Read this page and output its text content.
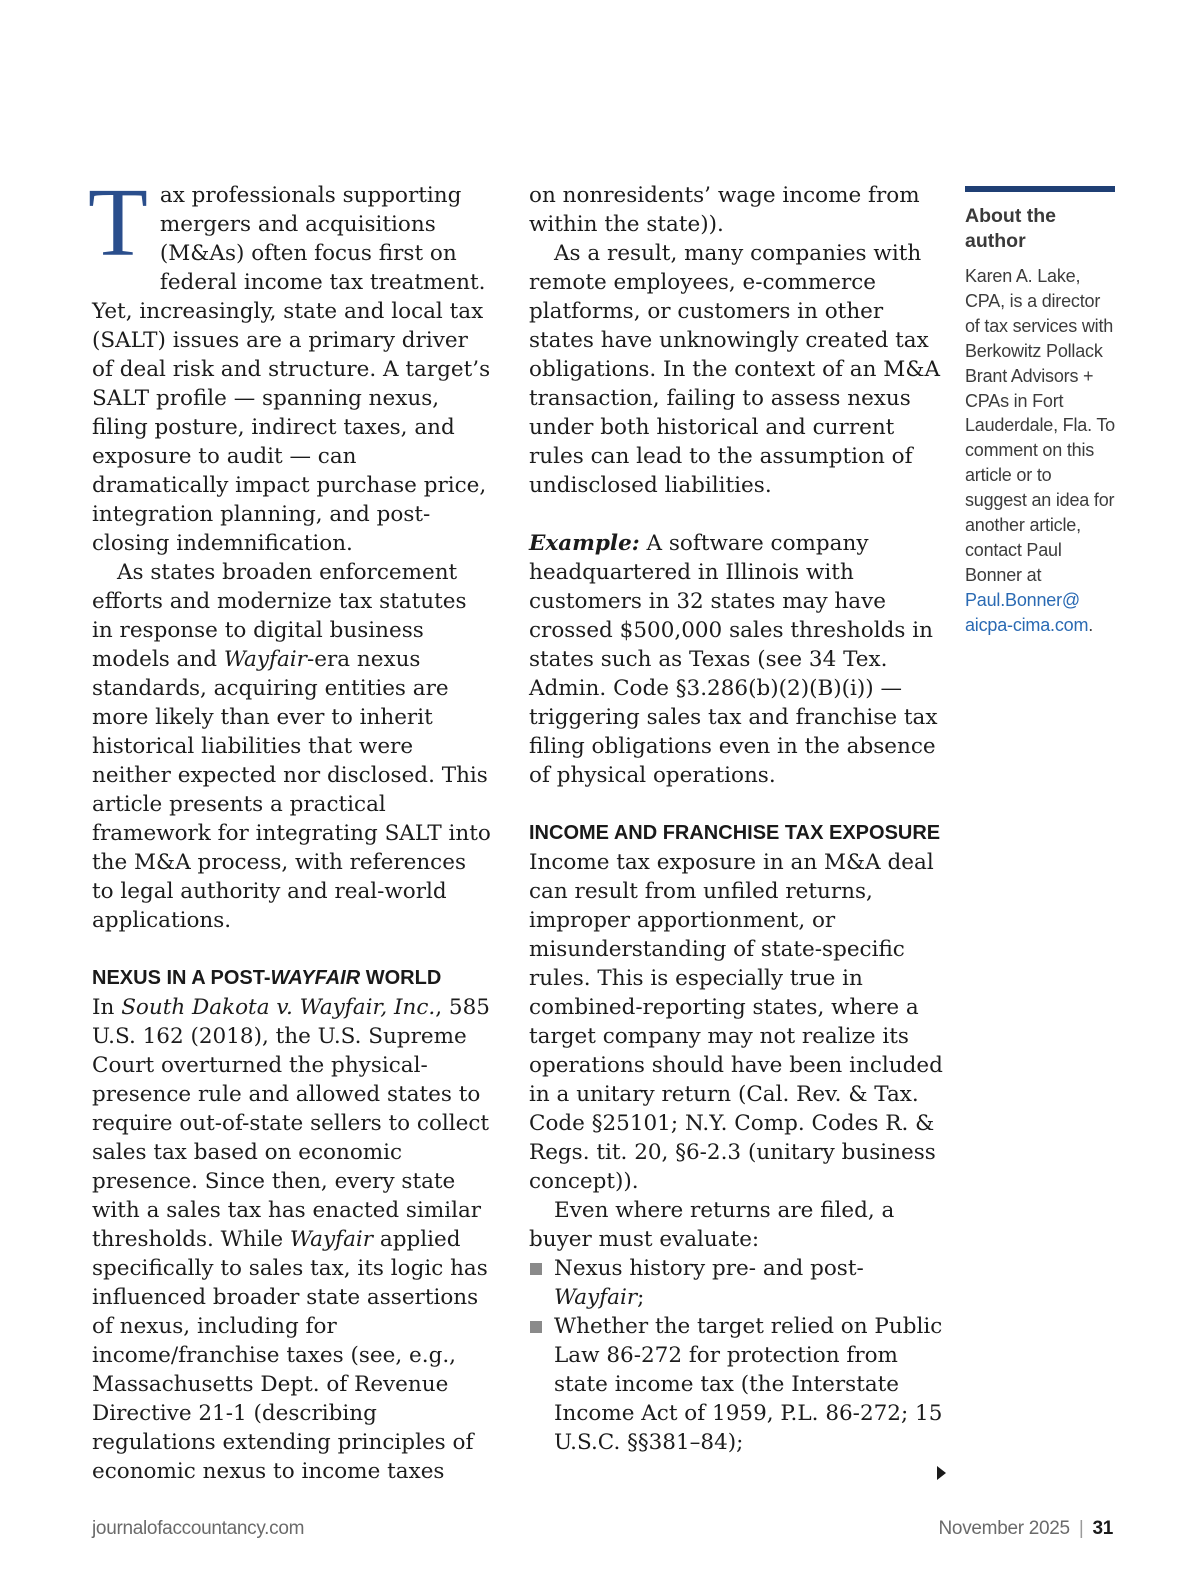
Tax professionals supporting mergers and acquisitions (M&As) often focus first on federal income tax treatment. Yet, increasingly, state and local tax (SALT) issues are a primary driver of deal risk and structure. A target’s SALT profile — spanning nexus, filing posture, indirect taxes, and exposure to audit — can dramatically impact purchase price, integration planning, and post-closing indemnification.

As states broaden enforcement efforts and modernize tax statutes in response to digital business models and Wayfair-era nexus standards, acquiring entities are more likely than ever to inherit historical liabilities that were neither expected nor disclosed. This article presents a practical framework for integrating SALT into the M&A process, with references to legal authority and real-world applications.

NEXUS IN A POST-WAYFAIR WORLD

In South Dakota v. Wayfair, Inc., 585 U.S. 162 (2018), the U.S. Supreme Court overturned the physical-presence rule and allowed states to require out-of-state sellers to collect sales tax based on economic presence. Since then, every state with a sales tax has enacted similar thresholds. While Wayfair applied specifically to sales tax, its logic has influenced broader state assertions of nexus, including for income/franchise taxes (see, e.g., Massachusetts Dept. of Revenue Directive 21-1 (describing regulations extending principles of economic nexus to income taxes

on nonresidents’ wage income from within the state)).

As a result, many companies with remote employees, e-commerce platforms, or customers in other states have unknowingly created tax obligations. In the context of an M&A transaction, failing to assess nexus under both historical and current rules can lead to the assumption of undisclosed liabilities.

Example: A software company headquartered in Illinois with customers in 32 states may have crossed $500,000 sales thresholds in states such as Texas (see 34 Tex. Admin. Code §3.286(b)(2)(B)(i)) — triggering sales tax and franchise tax filing obligations even in the absence of physical operations.

INCOME AND FRANCHISE TAX EXPOSURE

Income tax exposure in an M&A deal can result from unfiled returns, improper apportionment, or misunderstanding of state-specific rules. This is especially true in combined-reporting states, where a target company may not realize its operations should have been included in a unitary return (Cal. Rev. & Tax. Code §25101; N.Y. Comp. Codes R. & Regs. tit. 20, §6-2.3 (unitary business concept)).

Even where returns are filed, a buyer must evaluate:

Nexus history pre- and post-Wayfair;
Whether the target relied on Public Law 86-272 for protection from state income tax (the Interstate Income Act of 1959, P.L. 86-272; 15 U.S.C. §§381–84);
About the author

Karen A. Lake, CPA, is a director of tax services with Berkowitz Pollack Brant Advisors + CPAs in Fort Lauderdale, Fla. To comment on this article or to suggest an idea for another article, contact Paul Bonner at Paul.Bonner@ aicpa-cima.com.

journalofaccountancy.com	November 2025 | 31
